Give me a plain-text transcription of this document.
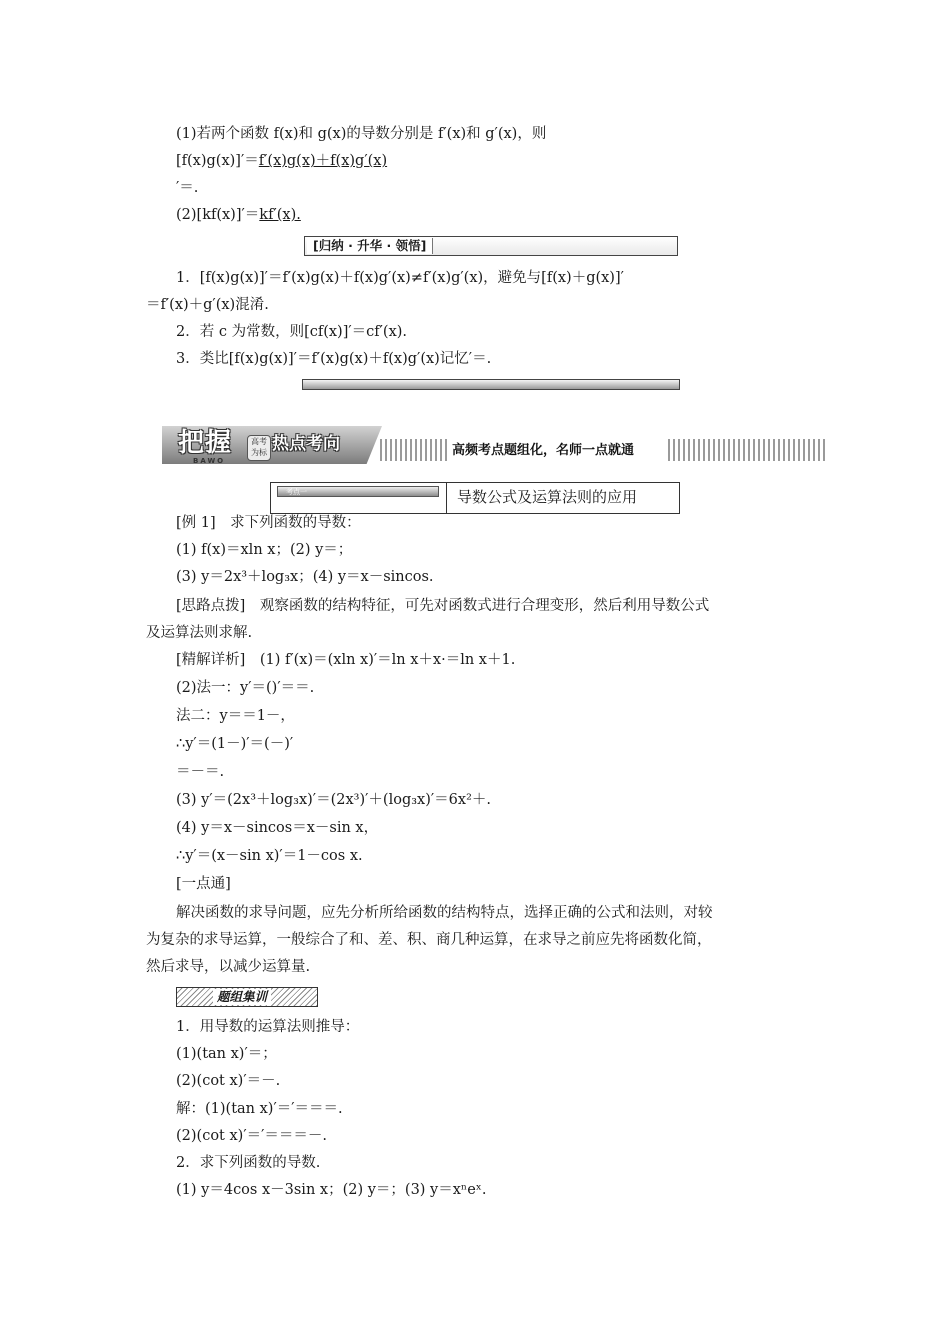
(1)若两个函数 f(x)和 g(x)的导数分别是 f′(x)和 g′(x)，则
[f(x)g(x)]′＝f′(x)g(x)＋f(x)g′(x)
′＝.
(2)[kf(x)]′＝kf′(x).
[归纳 · 升华 · 领悟]
1．[f(x)g(x)]′＝f′(x)g(x)＋f(x)g′(x)≠f′(x)g′(x)，避免与[f(x)＋g(x)]′
＝f′(x)＋g′(x)混淆.
2．若 c 为常数，则[cf(x)]′＝cf′(x).
3．类比[f(x)g(x)]′＝f′(x)g(x)＋f(x)g′(x)记忆′＝.
把握
BAWO
高考为标 热点考向	高频考点题组化，名师一点就通
考点一	导数公式及运算法则的应用
[例 1]　求下列函数的导数：
(1) f(x)＝xln x；(2) y＝；
(3) y＝2x³＋log₃x；(4) y＝x－sincos.
[思路点拨]　观察函数的结构特征，可先对函数式进行合理变形，然后利用导数公式
及运算法则求解.
[精解详析]　(1) f′(x)＝(xln x)′＝ln x＋x·＝ln x＋1.
(2)法一：y′＝()′＝＝.
法二：y＝＝1－，
∴y′＝(1－)′＝(－)′
＝－＝.
(3) y′＝(2x³＋log₃x)′＝(2x³)′＋(log₃x)′＝6x²＋.
(4) y＝x－sincos＝x－sin x，
∴y′＝(x－sin x)′＝1－cos x.
[一点通]
解决函数的求导问题，应先分析所给函数的结构特点，选择正确的公式和法则，对较
为复杂的求导运算，一般综合了和、差、积、商几种运算，在求导之前应先将函数化简，
然后求导，以减少运算量.
题组集训
1．用导数的运算法则推导：
(1)(tan x)′＝；
(2)(cot x)′＝－.
解：(1)(tan x)′＝′＝＝＝.
(2)(cot x)′＝′＝＝＝－.
2．求下列函数的导数.
(1) y＝4cos x－3sin x；(2) y＝；(3) y＝xⁿeˣ.
